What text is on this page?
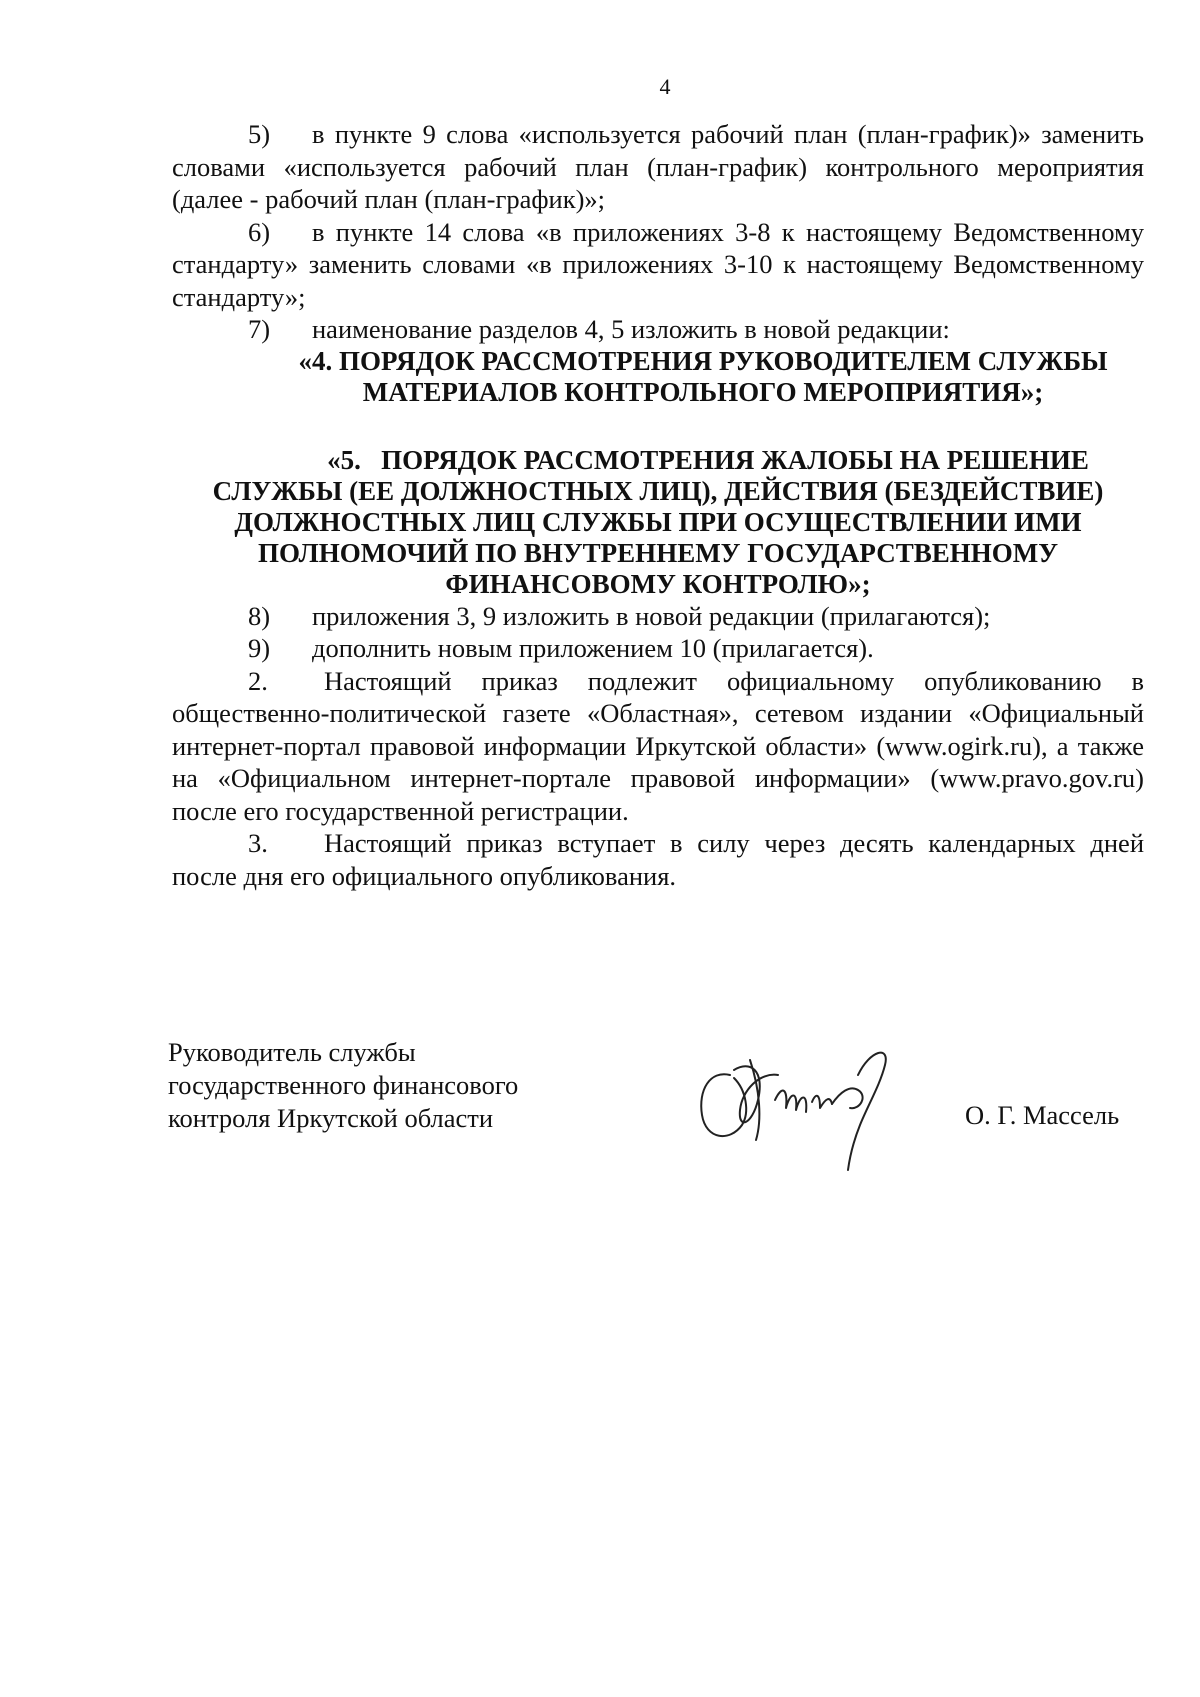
4

5) в пункте 9 слова «используется рабочий план (план-график)» заменить словами «используется рабочий план (план-график) контрольного мероприятия (далее - рабочий план (план-график)»;

6) в пункте 14 слова «в приложениях 3-8 к настоящему Ведомственному стандарту» заменить словами «в приложениях 3-10 к настоящему Ведомственному стандарту»;

7) наименование разделов 4, 5 изложить в новой редакции:

«4. ПОРЯДОК РАССМОТРЕНИЯ РУКОВОДИТЕЛЕМ СЛУЖБЫ
МАТЕРИАЛОВ КОНТРОЛЬНОГО МЕРОПРИЯТИЯ»;
«5.   ПОРЯДОК РАССМОТРЕНИЯ ЖАЛОБЫ НА РЕШЕНИЕ
СЛУЖБЫ (ЕЕ ДОЛЖНОСТНЫХ ЛИЦ), ДЕЙСТВИЯ (БЕЗДЕЙСТВИЕ)
ДОЛЖНОСТНЫХ ЛИЦ СЛУЖБЫ ПРИ ОСУЩЕСТВЛЕНИИ ИМИ
ПОЛНОМОЧИЙ ПО ВНУТРЕННЕМУ ГОСУДАРСТВЕННОМУ
ФИНАНСОВОМУ КОНТРОЛЮ»;

8) приложения 3, 9 изложить в новой редакции (прилагаются);

9) дополнить новым приложением 10 (прилагается).

2. Настоящий приказ подлежит официальному опубликованию в общественно-политической газете «Областная», сетевом издании «Официальный интернет-портал правовой информации Иркутской области» (www.ogirk.ru), а также на «Официальном интернет-портале правовой информации» (www.pravo.gov.ru) после его государственной регистрации.

3. Настоящий приказ вступает в силу через десять календарных дней после дня его официального опубликования.

Руководитель службы
государственного финансового
контроля Иркутской области	О. Г. Массель
